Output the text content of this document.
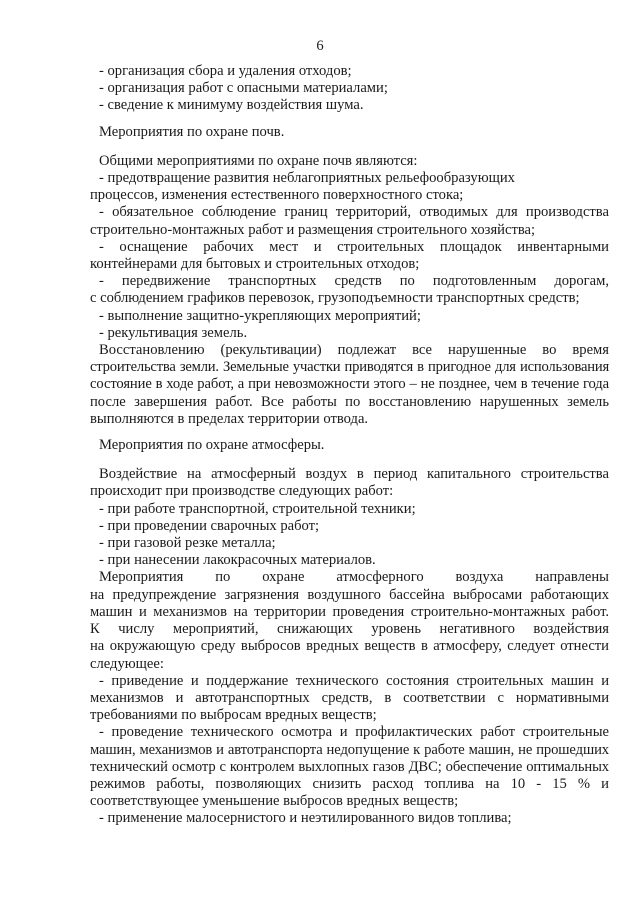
6
- организация сбора и удаления отходов;
- организация работ с опасными материалами;
- сведение к минимуму воздействия шума.
Мероприятия по охране почв.
Общими мероприятиями по охране почв являются:
- предотвращение развития неблагоприятных рельефообразующих
процессов, изменения естественного поверхностного стока;
- обязательное соблюдение границ территорий, отводимых для производства
строительно-монтажных работ и размещения строительного хозяйства;
- оснащение рабочих мест и строительных площадок инвентарными
контейнерами для бытовых и строительных отходов;
- передвижение транспортных средств по подготовленным дорогам,
с соблюдением графиков перевозок, грузоподъемности транспортных средств;
- выполнение защитно-укрепляющих мероприятий;
- рекультивация земель.
Восстановлению (рекультивации) подлежат все нарушенные во время
строительства земли. Земельные участки приводятся в пригодное для использования
состояние в ходе работ, а при невозможности этого – не позднее, чем в течение года
после завершения работ. Все работы по восстановлению нарушенных земель
выполняются в пределах территории отвода.
Мероприятия по охране атмосферы.
Воздействие на атмосферный воздух в период капитального строительства
происходит при производстве следующих работ:
- при работе транспортной, строительной техники;
- при проведении сварочных работ;
- при газовой резке металла;
- при нанесении лакокрасочных материалов.
Мероприятия по охране атмосферного воздуха направлены
на предупреждение загрязнения воздушного бассейна выбросами работающих
машин и механизмов на территории проведения строительно-монтажных работ.
К числу мероприятий, снижающих уровень негативного воздействия
на окружающую среду выбросов вредных веществ в атмосферу, следует отнести
следующее:
- приведение и поддержание технического состояния строительных машин и
механизмов и автотранспортных средств, в соответствии с нормативными
требованиями по выбросам вредных веществ;
- проведение технического осмотра и профилактических работ строительные
машин, механизмов и автотранспорта недопущение к работе машин, не прошедших
технический осмотр с контролем выхлопных газов ДВС; обеспечение оптимальных
режимов работы, позволяющих снизить расход топлива на 10 - 15 % и
соответствующее уменьшение выбросов вредных веществ;
- применение малосернистого и неэтилированного видов топлива;
